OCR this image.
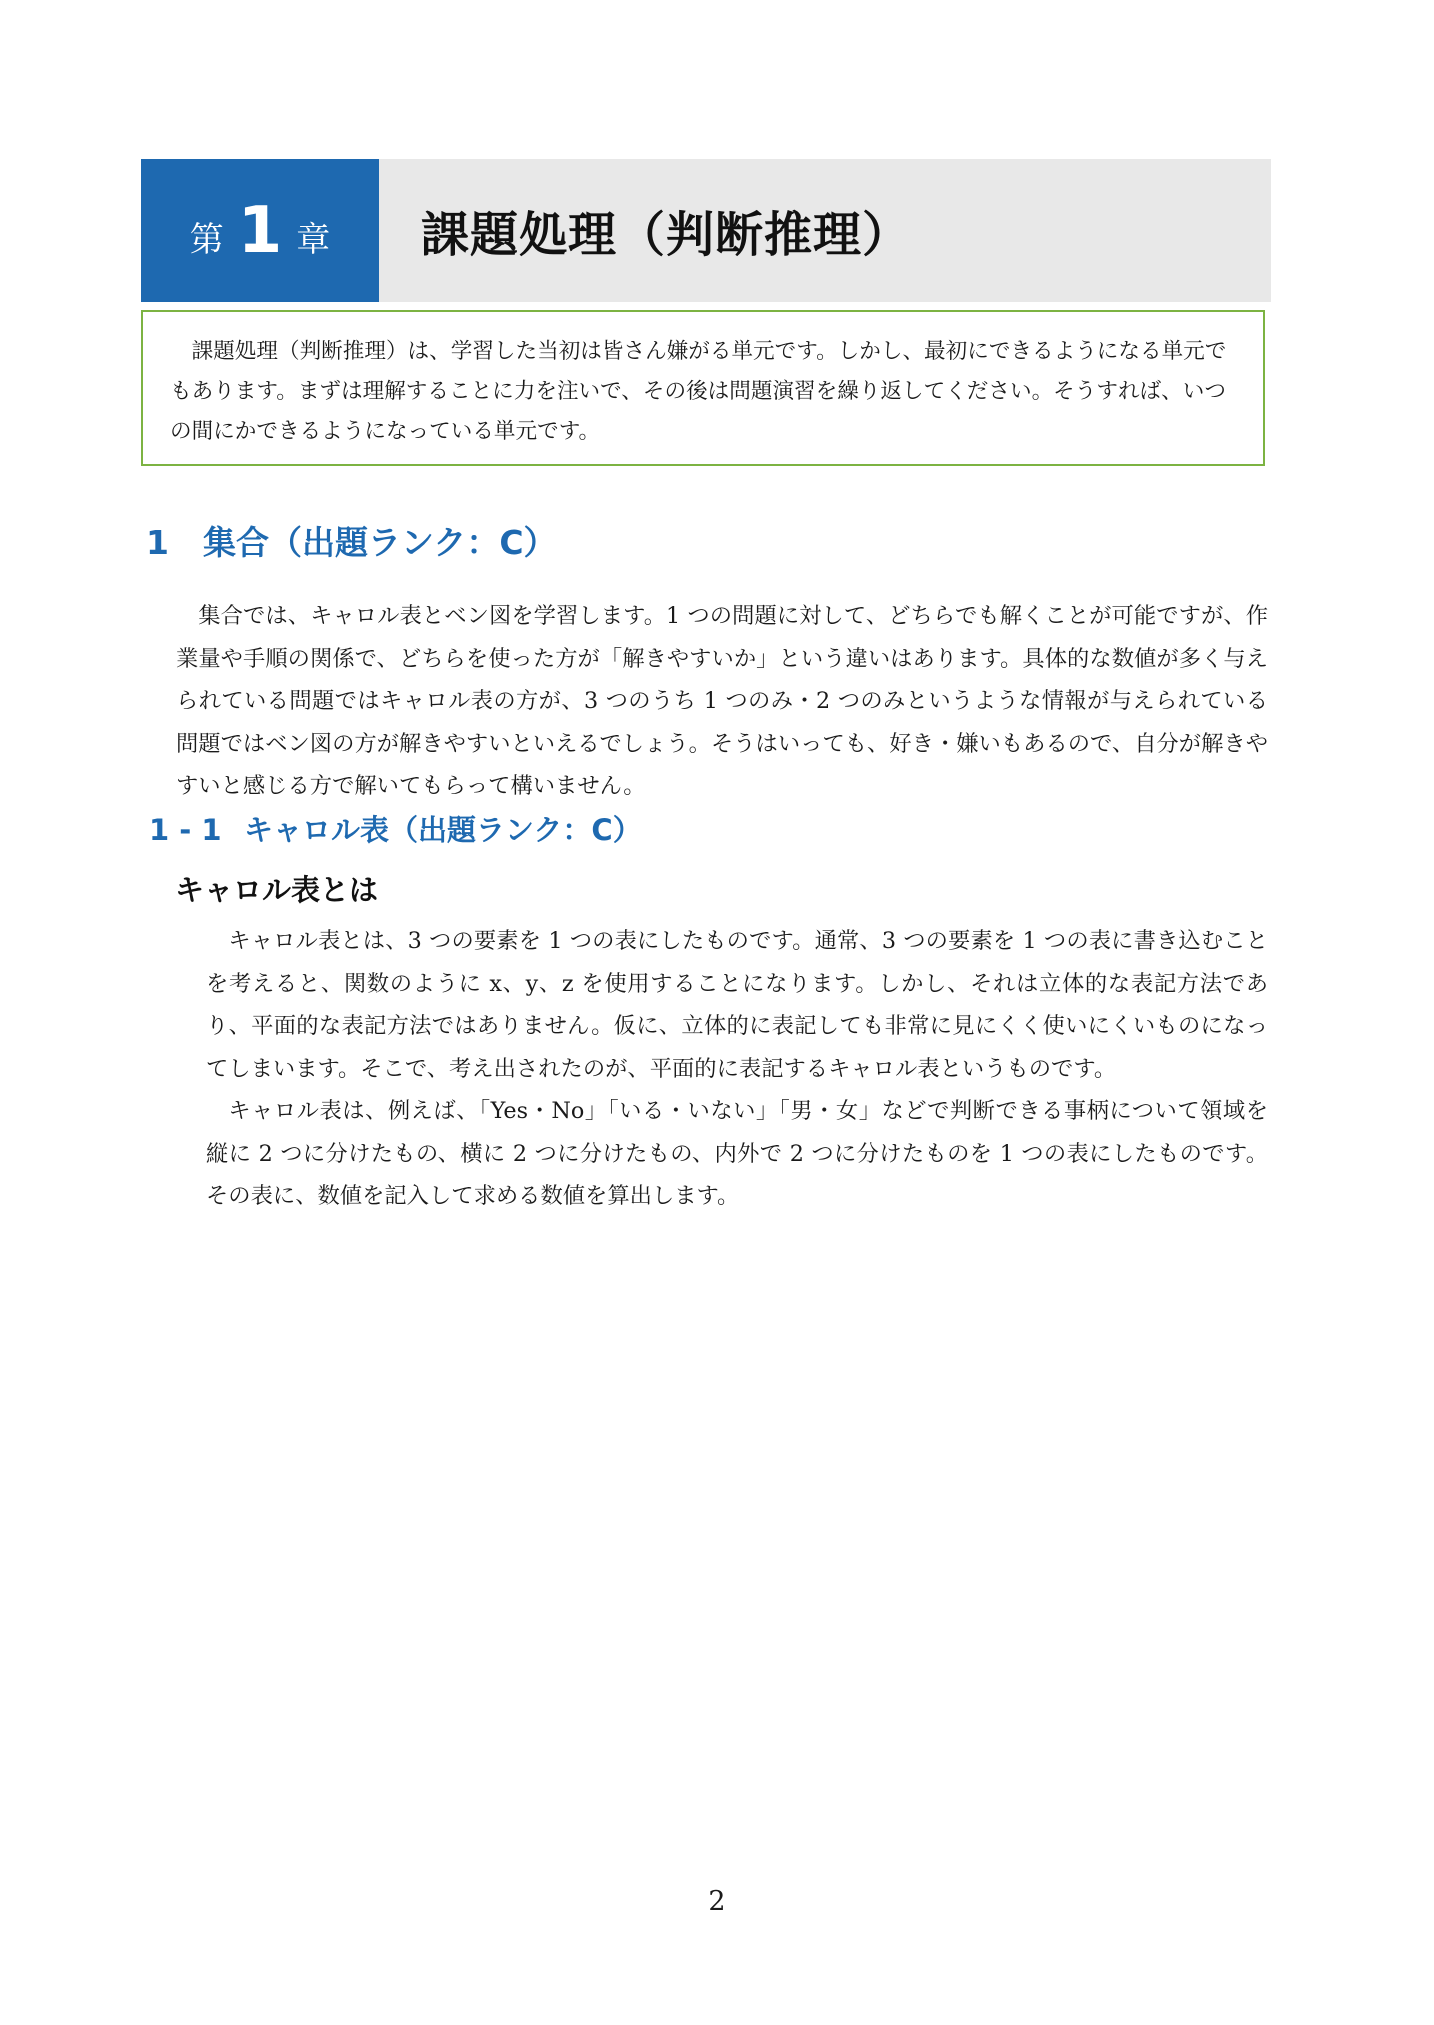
第 1 章	課題処理（判断推理）

課題処理（判断推理）は、学習した当初は皆さん嫌がる単元です。しかし、最初にできるようになる単元でもあります。まずは理解することに力を注いで、その後は問題演習を繰り返してください。そうすれば、いつの間にかできるようになっている単元です。

1 集合（出題ランク：C）

集合では、キャロル表とベン図を学習します。1 つの問題に対して、どちらでも解くことが可能ですが、作業量や手順の関係で、どちらを使った方が「解きやすいか」という違いはあります。具体的な数値が多く与えられている問題ではキャロル表の方が、3 つのうち 1 つのみ・2 つのみというような情報が与えられている問題ではベン図の方が解きやすいといえるでしょう。そうはいっても、好き・嫌いもあるので、自分が解きやすいと感じる方で解いてもらって構いません。

1 - 1 キャロル表（出題ランク：C）
キャロル表とは

キャロル表とは、3 つの要素を 1 つの表にしたものです。通常、3 つの要素を 1 つの表に書き込むことを考えると、関数のように x、y、z を使用することになります。しかし、それは立体的な表記方法であり、平面的な表記方法ではありません。仮に、立体的に表記しても非常に見にくく使いにくいものになってしまいます。そこで、考え出されたのが、平面的に表記するキャロル表というものです。

キャロル表は、例えば、「Yes・No」「いる・いない」「男・女」などで判断できる事柄について領域を縦に 2 つに分けたもの、横に 2 つに分けたもの、内外で 2 つに分けたものを 1 つの表にしたものです。その表に、数値を記入して求める数値を算出します。

2
